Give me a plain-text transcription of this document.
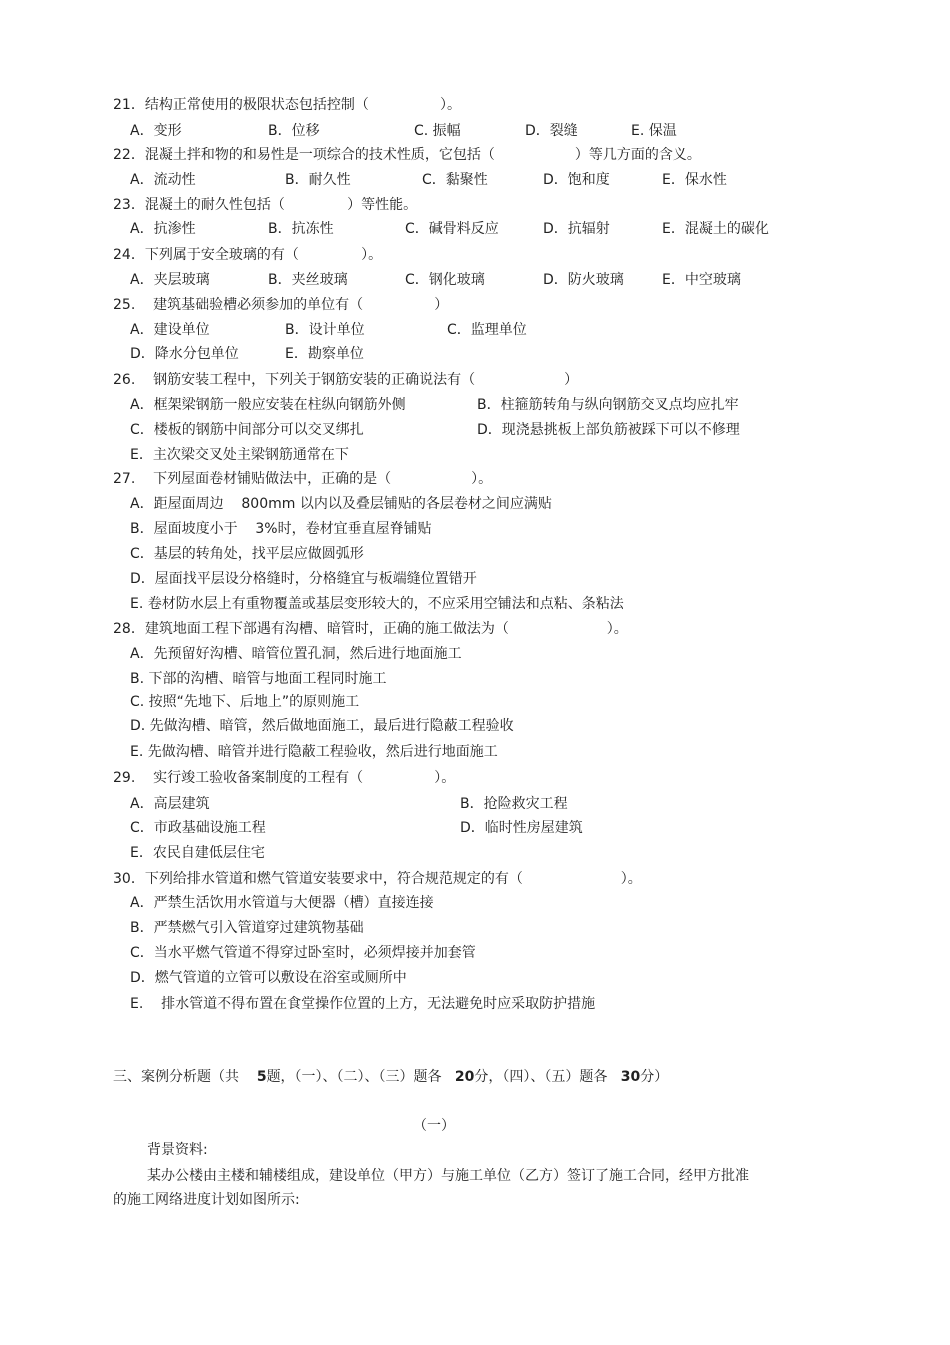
21．结构正常使用的极限状态包括控制（                ）。
A．变形	B．位移	C. 振幅	D．裂缝	E. 保温
22．混凝土拌和物的和易性是一项综合的技术性质，它包括（                  ）等几方面的含义。
A．流动性	B．耐久性	C．黏聚性	D．饱和度	E．保水性
23．混凝土的耐久性包括（              ）等性能。
A．抗渗性	B．抗冻性	C．碱骨料反应	D．抗辐射	E．混凝土的碳化
24．下列属于安全玻璃的有（              ）。
A．夹层玻璃	B．夹丝玻璃	C．钢化玻璃	D．防火玻璃	E．中空玻璃
25.    建筑基础验槽必须参加的单位有（                ）
A．建设单位	B．设计单位	C．监理单位
D．降水分包单位	E．勘察单位
26.    钢筋安装工程中，下列关于钢筋安装的正确说法有（                    ）
A．框架梁钢筋一般应安装在柱纵向钢筋外侧	B．柱箍筋转角与纵向钢筋交叉点均应扎牢
C．楼板的钢筋中间部分可以交叉绑扎	D．现浇悬挑板上部负筋被踩下可以不修理
E．主次梁交叉处主梁钢筋通常在下
27.    下列屋面卷材铺贴做法中，正确的是（                  ）。
A．距屋面周边    800mm 以内以及叠层铺贴的各层卷材之间应满贴
B．屋面坡度小于    3%时，卷材宜垂直屋脊铺贴
C．基层的转角处，找平层应做圆弧形
D．屋面找平层设分格缝时，分格缝宜与板端缝位置错开
E. 卷材防水层上有重物覆盖或基层变形较大的，不应采用空铺法和点粘、条粘法
28．建筑地面工程下部遇有沟槽、暗管时，正确的施工做法为（                      ）。
A．先预留好沟槽、暗管位置孔洞，然后进行地面施工
B. 下部的沟槽、暗管与地面工程同时施工
C. 按照“先地下、后地上”的原则施工
D. 先做沟槽、暗管，然后做地面施工，最后进行隐蔽工程验收
E. 先做沟槽、暗管并进行隐蔽工程验收，然后进行地面施工
29.    实行竣工验收备案制度的工程有（                ）。
A．高层建筑	B．抢险救灾工程
C．市政基础设施工程	D．临时性房屋建筑
E．农民自建低层住宅
30．下列给排水管道和燃气管道安装要求中，符合规范规定的有（                      ）。
A．严禁生活饮用水管道与大便器（槽）直接连接
B．严禁燃气引入管道穿过建筑物基础
C．当水平燃气管道不得穿过卧室时，必须焊接并加套管
D．燃气管道的立管可以敷设在浴室或厕所中
E.    排水管道不得布置在食堂操作位置的上方，无法避免时应采取防护措施
三、案例分析题（共 5题，（一）、（二）、（三）题各 20分，（四）、（五）题各 30分）
（一）
背景资料:
某办公楼由主楼和辅楼组成，建设单位（甲方）与施工单位（乙方）签订了施工合同，经甲方批准
的施工网络进度计划如图所示:
